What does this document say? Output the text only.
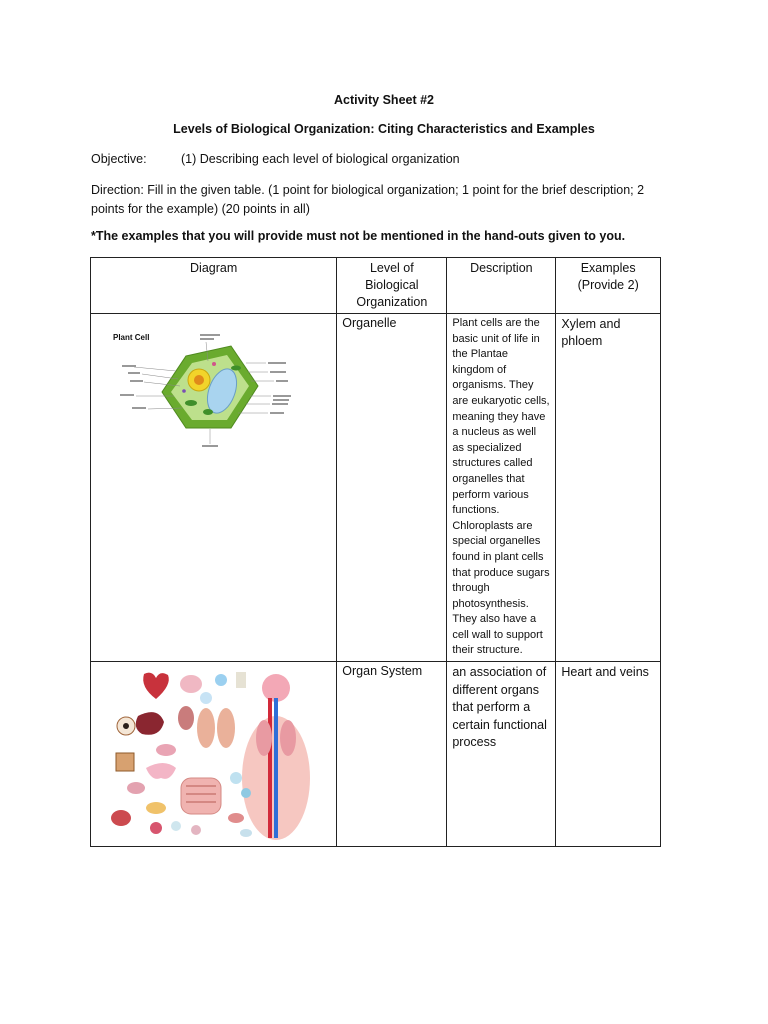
Activity Sheet #2
Levels of Biological Organization: Citing Characteristics and Examples
Objective:	(1) Describing each level of biological organization
Direction: Fill in the given table. (1 point for biological organization; 1 point for the brief description; 2 points for the example) (20 points in all)
*The examples that you will provide must not be mentioned in the hand-outs given to you.
Diagram	Level of Biological Organization	Description	Examples (Provide 2)

Plant Cell	Organelle	Plant cells are the basic unit of life in the Plantae kingdom of organisms. They are eukaryotic cells, meaning they have a nucleus as well as specialized structures called organelles that perform various functions. Chloroplasts are special organelles found in plant cells that produce sugars through photosynthesis. They also have a cell wall to support their structure.	Xylem and phloem

	Organ System	an association of different organs that perform a certain functional process	Heart and veins
